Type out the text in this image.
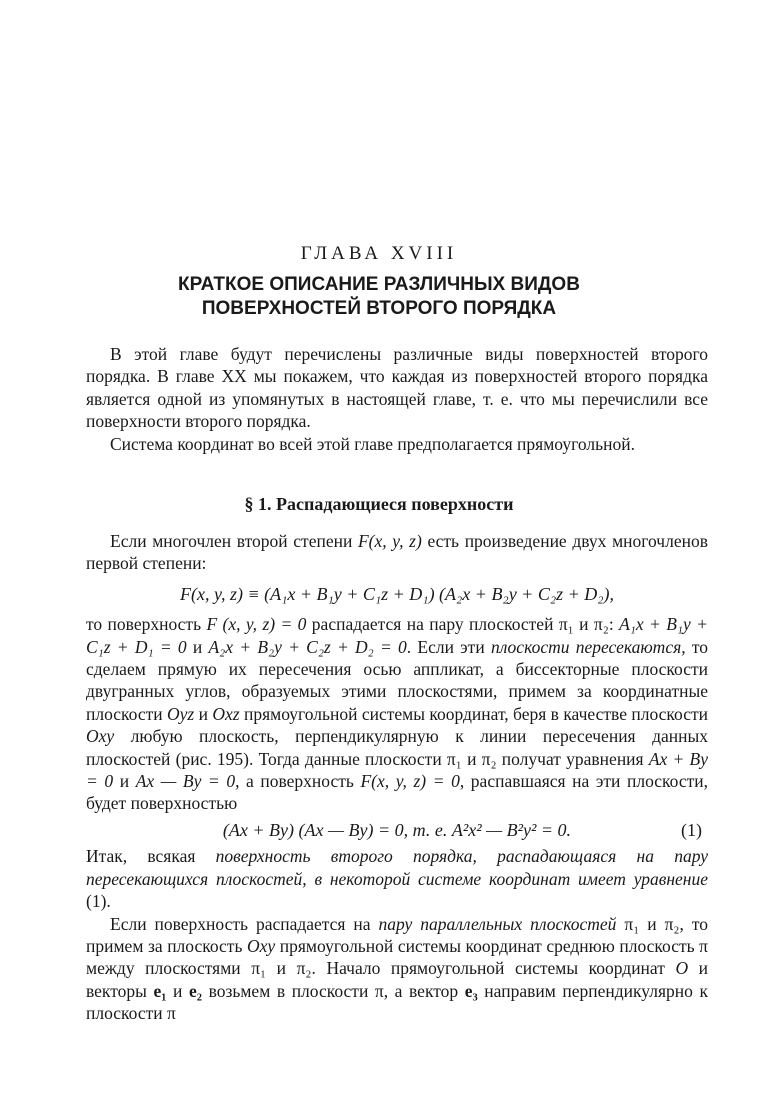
ГЛАВА XVIII
КРАТКОЕ ОПИСАНИЕ РАЗЛИЧНЫХ ВИДОВ
ПОВЕРХНОСТЕЙ ВТОРОГО ПОРЯДКА

В этой главе будут перечислены различные виды поверхностей второго порядка. В главе XX мы покажем, что каждая из поверхностей второго порядка является одной из упомянутых в настоящей главе, т. е. что мы перечислили все поверхности второго порядка.

Система координат во всей этой главе предполагается прямоугольной.

§ 1. Распадающиеся поверхности

Если многочлен второй степени F(x, y, z) есть произведение двух многочленов первой степени:

F(x, y, z) ≡ (A₁x + B₁y + C₁z + D₁) (A₂x + B₂y + C₂z + D₂),

то поверхность F (x, y, z) = 0 распадается на пару плоскостей π₁ и π₂: A₁x + B₁y + C₁z + D₁ = 0 и A₂x + B₂y + C₂z + D₂ = 0. Если эти плоскости пересекаются, то сделаем прямую их пересечения осью аппликат, а биссекторные плоскости двугранных углов, образуемых этими плоскостями, примем за координатные плоскости Oyz и Oxz прямоугольной системы координат, беря в качестве плоскости Oxy любую плоскость, перпендикулярную к линии пересечения данных плоскостей (рис. 195). Тогда данные плоскости π₁ и π₂ получат уравнения Ax + By = 0 и Ax — By = 0, а поверхность F(x, y, z) = 0, распавшаяся на эти плоскости, будет поверхностью

(Ax + By) (Ax — By) = 0, т. е. A²x² — B²y² = 0.	(1)

Итак, всякая поверхность второго порядка, распадающаяся на пару пересекающихся плоскостей, в некоторой системе координат имеет уравнение (1).

Если поверхность распадается на пару параллельных плоскостей π₁ и π₂, то примем за плоскость Oxy прямоугольной системы координат среднюю плоскость π между плоскостями π₁ и π₂. Начало прямоугольной системы координат O и векторы e₁ и e₂ возьмем в плоскости π, а вектор e₃ направим перпендикулярно к плоскости π
